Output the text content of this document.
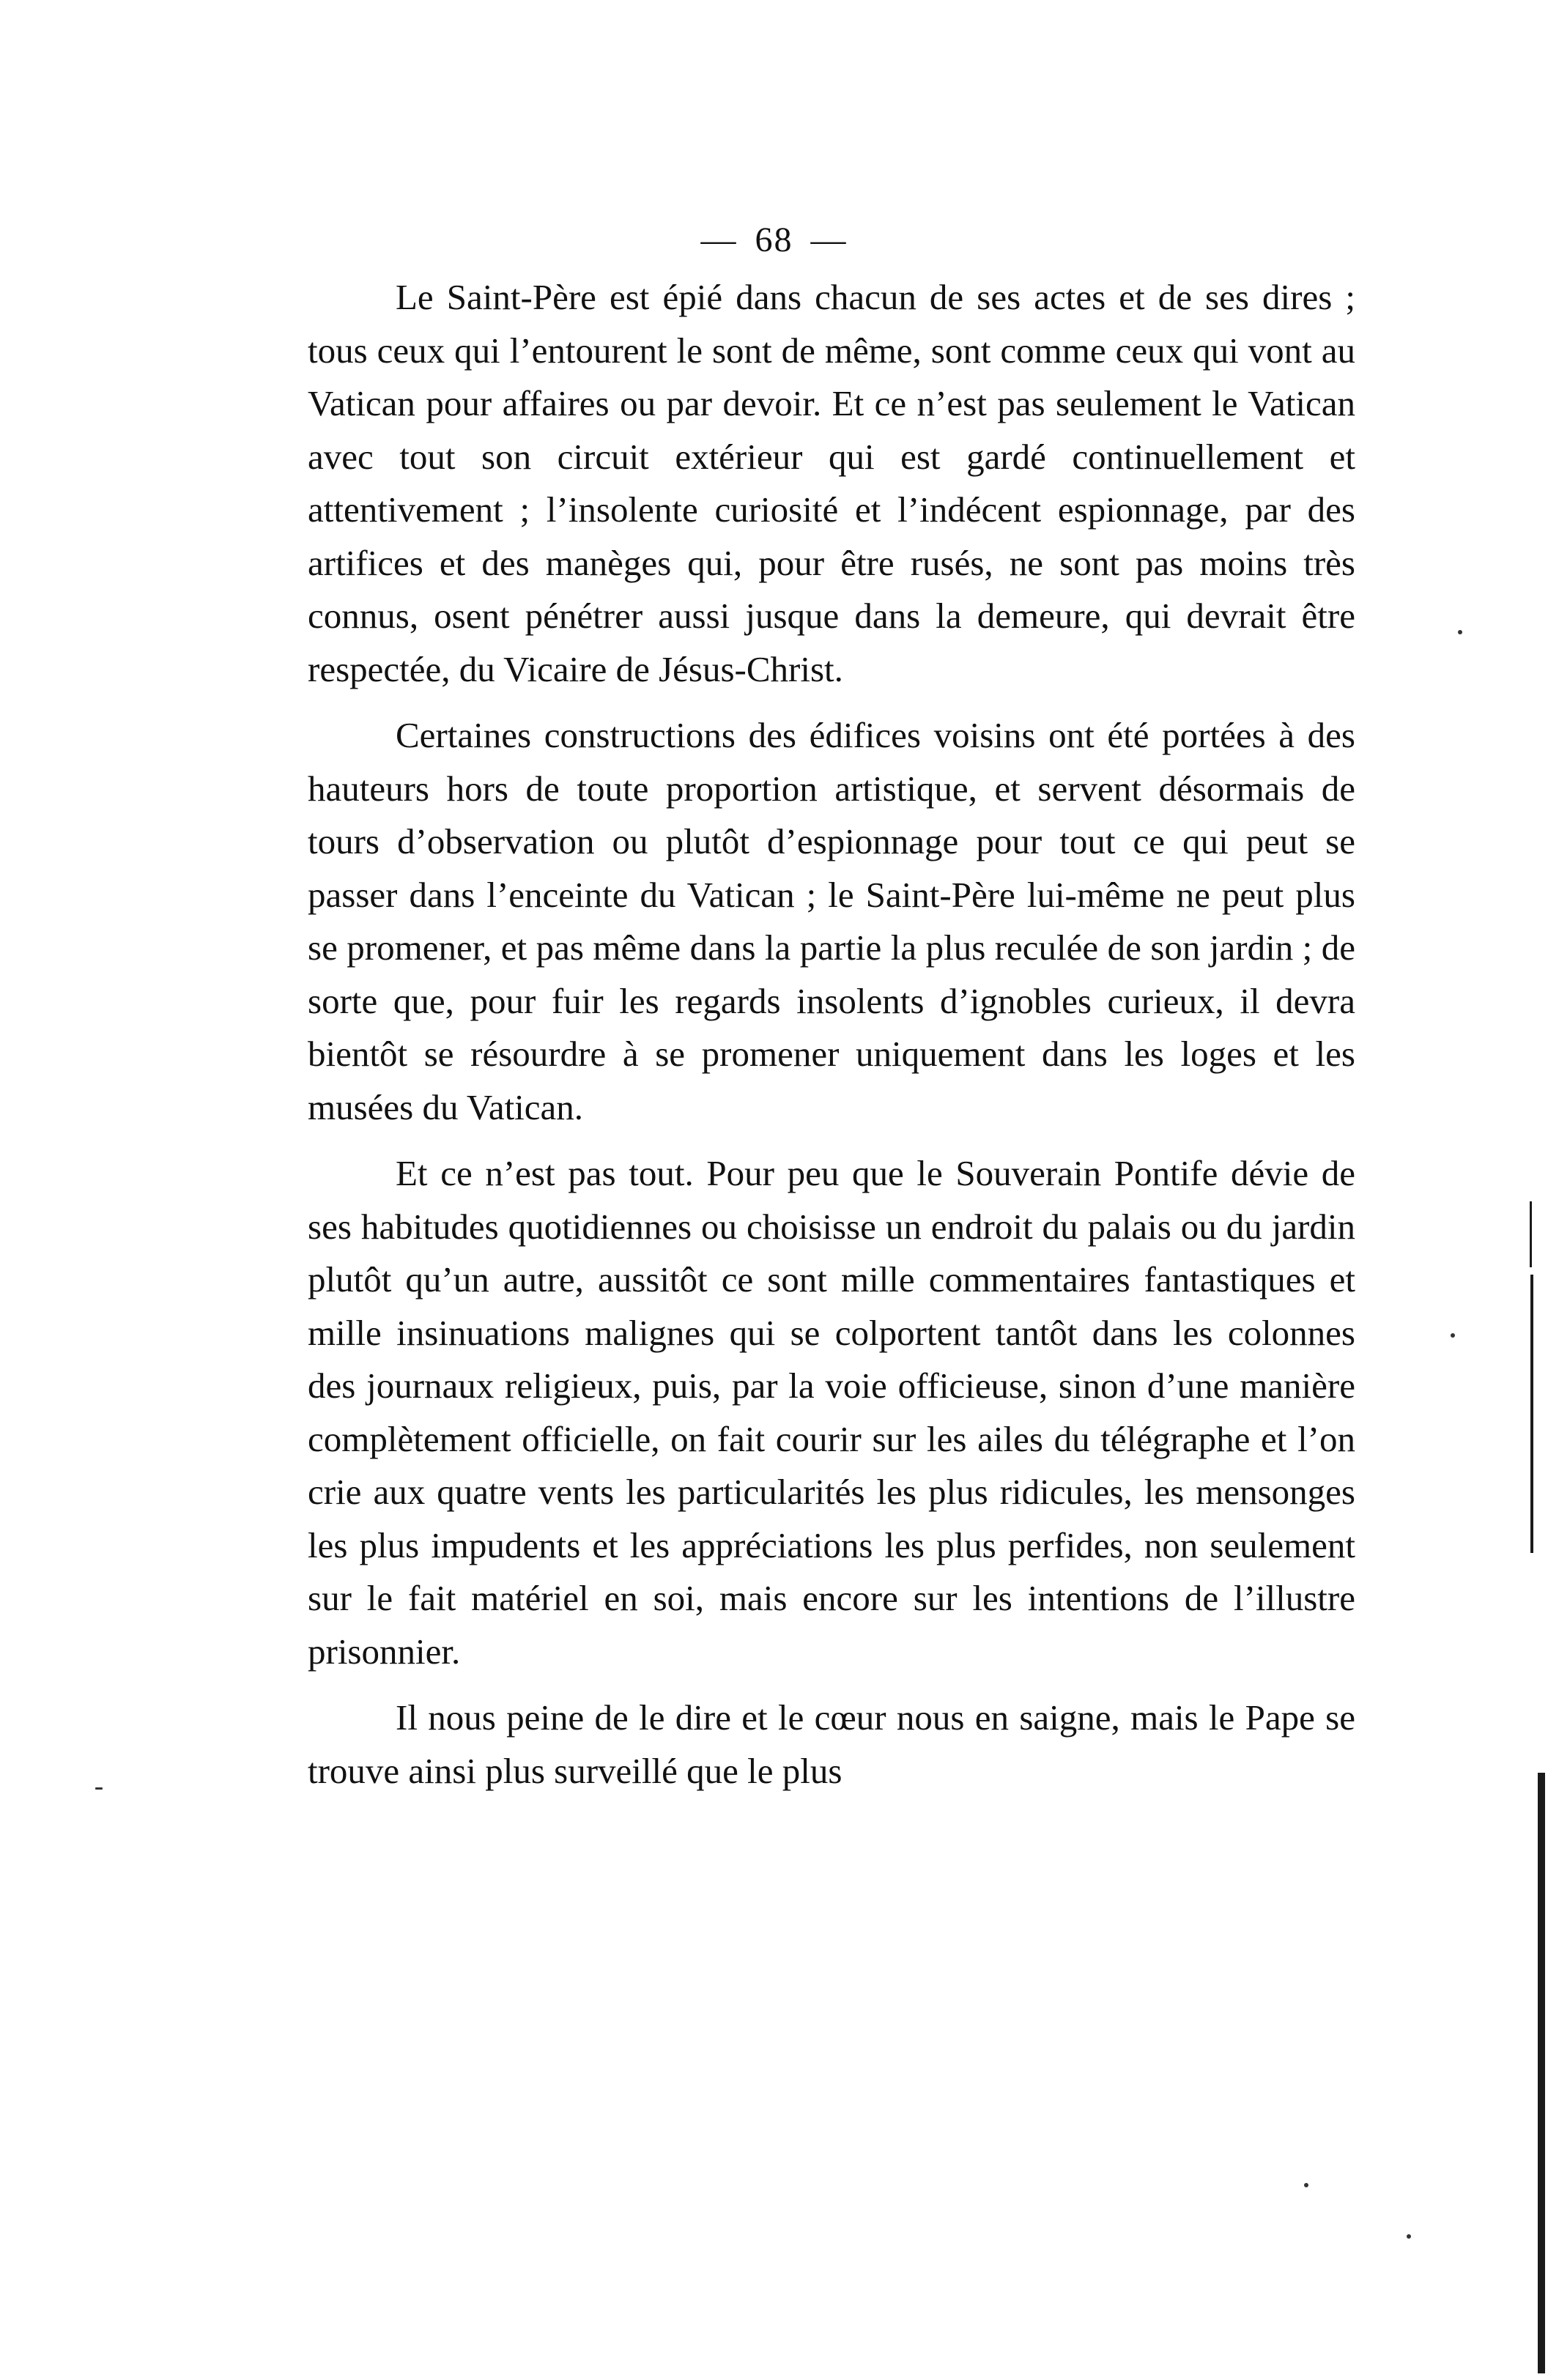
— 68 —

Le Saint-Père est épié dans chacun de ses actes et de ses dires ; tous ceux qui l’entourent le sont de même, sont comme ceux qui vont au Vatican pour affaires ou par devoir. Et ce n’est pas seulement le Vatican avec tout son circuit extérieur qui est gardé continuellement et attentivement ; l’insolente curiosité et l’indécent espionnage, par des artifices et des manèges qui, pour être rusés, ne sont pas moins très connus, osent pénétrer aussi jusque dans la demeure, qui devrait être respectée, du Vicaire de Jésus-Christ.

Certaines constructions des édifices voisins ont été portées à des hauteurs hors de toute proportion artistique, et servent désormais de tours d’observation ou plutôt d’espionnage pour tout ce qui peut se passer dans l’enceinte du Vatican ; le Saint-Père lui-même ne peut plus se promener, et pas même dans la partie la plus reculée de son jardin ; de sorte que, pour fuir les regards insolents d’ignobles curieux, il devra bientôt se résourdre à se promener uniquement dans les loges et les musées du Vatican.

Et ce n’est pas tout. Pour peu que le Souverain Pontife dévie de ses habitudes quotidiennes ou choisisse un endroit du palais ou du jardin plutôt qu’un autre, aussitôt ce sont mille commentaires fantastiques et mille insinuations malignes qui se colportent tantôt dans les colonnes des journaux religieux, puis, par la voie officieuse, sinon d’une manière complètement officielle, on fait courir sur les ailes du télégraphe et l’on crie aux quatre vents les particularités les plus ridicules, les mensonges les plus impudents et les appréciations les plus perfides, non seulement sur le fait matériel en soi, mais encore sur les intentions de l’illustre prisonnier.

Il nous peine de le dire et le cœur nous en saigne, mais le Pape se trouve ainsi plus surveillé que le plus
